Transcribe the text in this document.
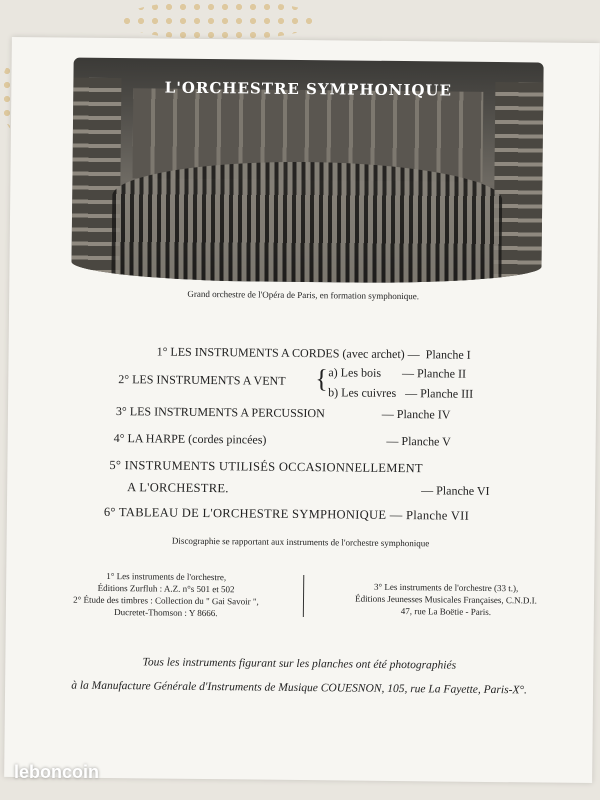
L'ORCHESTRE SYMPHONIQUE
Grand orchestre de l'Opéra de Paris, en formation symphonique.
1° LES INSTRUMENTS A CORDES (avec archet) — Planche I
2° LES INSTRUMENTS A VENT { a) Les bois — Planche II
b) Les cuivres — Planche III
3° LES INSTRUMENTS A PERCUSSION	— Planche IV
4° LA HARPE (cordes pincées)	— Planche V
5° INSTRUMENTS UTILISÉS OCCASIONNELLEMENT
A L'ORCHESTRE.	— Planche VI
6° TABLEAU DE L'ORCHESTRE SYMPHONIQUE — Planche VII
Discographie se rapportant aux instruments de l'orchestre symphonique
1° Les instruments de l'orchestre,
Éditions Zurfluh : A.Z. n°s 501 et 502
2° Étude des timbres : Collection du " Gai Savoir ",
Ducretet-Thomson : Y 8666.
3° Les instruments de l'orchestre (33 t.),
Éditions Jeunesses Musicales Françaises, C.N.D.I.
47, rue La Boëtie - Paris.
Tous les instruments figurant sur les planches ont été photographiés
à la Manufacture Générale d'Instruments de Musique COUESNON, 105, rue La Fayette, Paris-X°.
leboncoin
